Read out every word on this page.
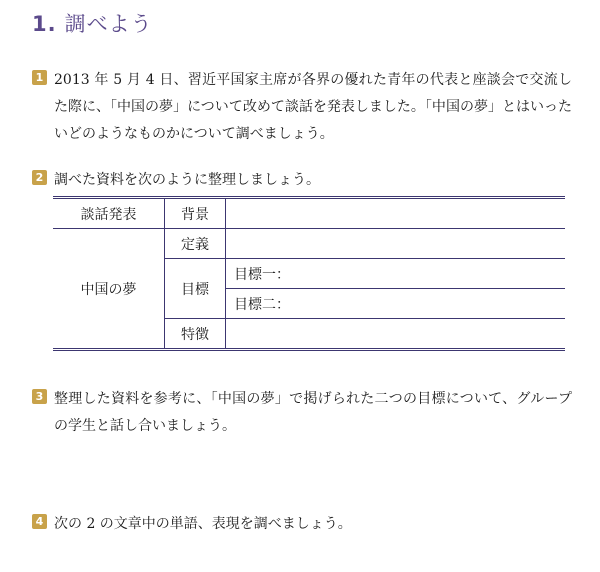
1. 調べよう
1 2013 年 5 月 4 日、習近平国家主席が各界の優れた青年の代表と座談会で交流した際に、「中国の夢」について改めて談話を発表しました。「中国の夢」とはいったいどのようなものかについて調べましょう。
2 調べた資料を次のように整理しましょう。
談話発表	背景	
中国の夢	定義	
	目標	目標一：
		目標二：
	特徴	
3 整理した資料を参考に、「中国の夢」で掲げられた二つの目標について、グループの学生と話し合いましょう。
4 次の 2 の文章中の単語、表現を調べましょう。
